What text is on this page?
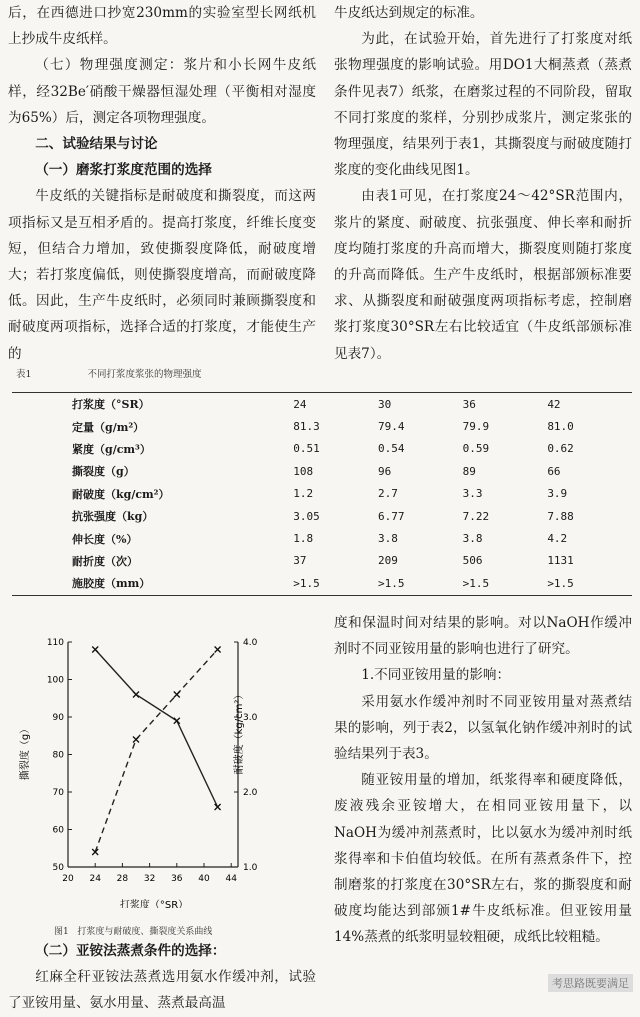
后，在西德进口抄宽230mm的实验室型长网纸机上抄成牛皮纸样。

（七）物理强度测定：浆片和小长网牛皮纸样，经32Be′硝酸干燥器恒湿处理（平衡相对湿度为65%）后，测定各项物理强度。

二、试验结果与讨论

（一）磨浆打浆度范围的选择

牛皮纸的关键指标是耐破度和撕裂度，而这两项指标又是互相矛盾的。提高打浆度，纤维长度变短，但结合力增加，致使撕裂度降低，耐破度增大；若打浆度偏低，则使撕裂度增高，而耐破度降低。因此，生产牛皮纸时，必须同时兼顾撕裂度和耐破度两项指标，选择合适的打浆度，才能使生产的

牛皮纸达到规定的标准。

为此，在试验开始，首先进行了打浆度对纸张物理强度的影响试验。用DO1大桐蒸煮（蒸煮条件见表7）纸浆，在磨浆过程的不同阶段，留取不同打浆度的浆样，分别抄成浆片，测定浆张的物理强度，结果列于表1，其撕裂度与耐破度随打浆度的变化曲线见图1。

由表1可见，在打浆度24～42°SR范围内，浆片的紧度、耐破度、抗张强度、伸长率和耐折度均随打浆度的升高而增大，撕裂度则随打浆度的升高而降低。生产牛皮纸时，根据部颁标准要求、从撕裂度和耐破强度两项指标考虑，控制磨浆打浆度30°SR左右比较适宜（牛皮纸部颁标准见表7）。

表1	不同打浆度浆张的物理强度
打浆度（°SR）	24	30	36	42
定量（g/m²）	81.3	79.4	79.9	81.0
紧度（g/cm³）	0.51	0.54	0.59	0.62
撕裂度（g）	108	96	89	66
耐破度（kg/cm²）	1.2	2.7	3.3	3.9
抗张强度（kg）	3.05	6.77	7.22	7.88
伸长度（%）	1.8	3.8	3.8	4.2
耐折度（次）	37	209	506	1131
施胶度（mm）	>1.5	>1.5	>1.5	>1.5
20 24 28 32 36 40 44
50
60
70
80
90
100
110
1.0
2.0
3.0
4.0
撕裂度（g）	耐破度（kg/cm²）
打浆度（°SR）
图1 打浆度与耐破度、撕裂度关系曲线

（二）亚铵法蒸煮条件的选择：

红麻全秆亚铵法蒸煮选用氨水作缓冲剂，试验了亚铵用量、氨水用量、蒸煮最高温

度和保温时间对结果的影响。对以NaOH作缓冲剂时不同亚铵用量的影响也进行了研究。

1.不同亚铵用量的影响：

采用氨水作缓冲剂时不同亚铵用量对蒸煮结果的影响，列于表2，以氢氧化钠作缓冲剂时的试验结果列于表3。

随亚铵用量的增加，纸浆得率和硬度降低，废液残余亚铵增大，在相同亚铵用量下，以NaOH为缓冲剂蒸煮时，比以氨水为缓冲剂时纸浆得率和卡伯值均较低。在所有蒸煮条件下，控制磨浆的打浆度在30°SR左右，浆的撕裂度和耐破度均能达到部颁1#牛皮纸标准。但亚铵用量14%蒸煮的纸浆明显较粗硬，成纸比较粗糙。

考思路既要满足
